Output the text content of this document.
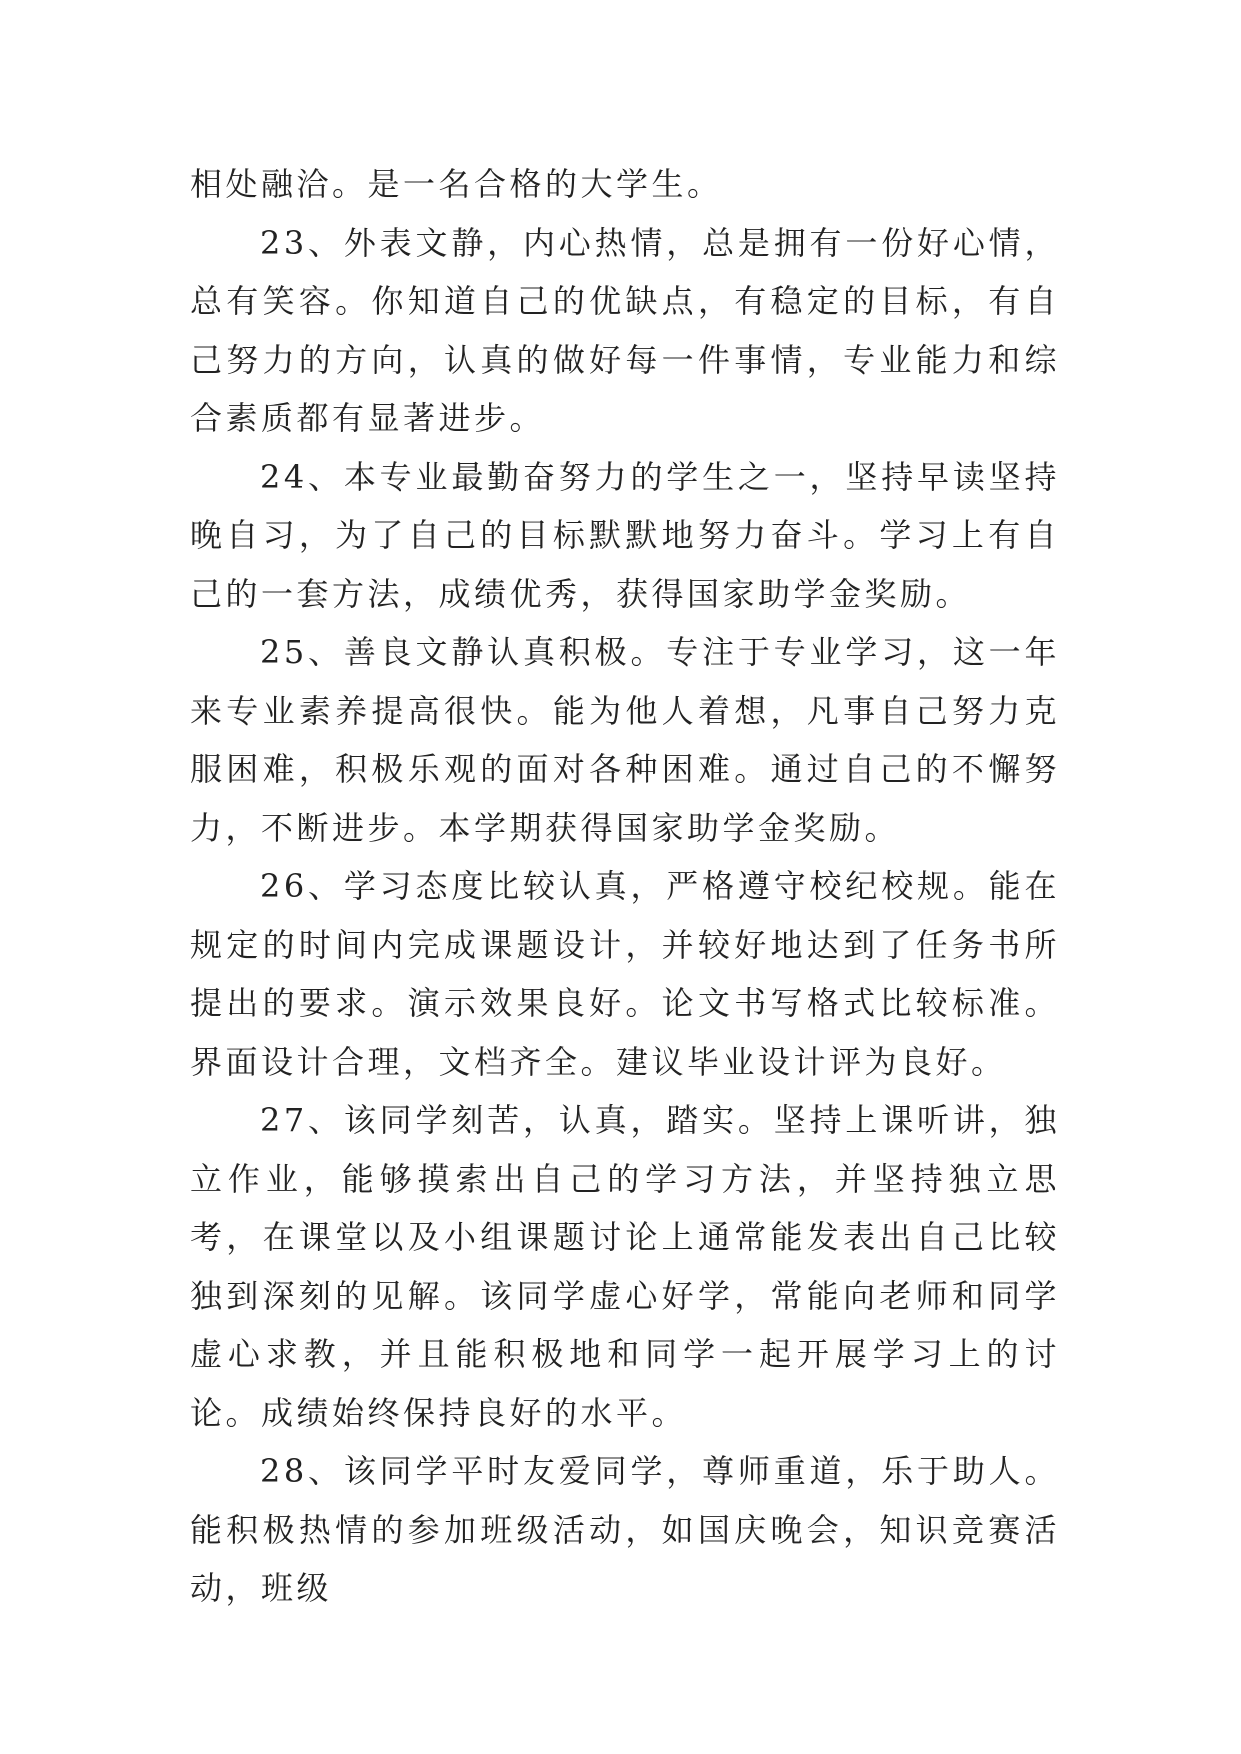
相处融洽。是一名合格的大学生。

23、外表文静，内心热情，总是拥有一份好心情，总有笑容。你知道自己的优缺点，有稳定的目标，有自己努力的方向，认真的做好每一件事情，专业能力和综合素质都有显著进步。

24、本专业最勤奋努力的学生之一，坚持早读坚持晚自习，为了自己的目标默默地努力奋斗。学习上有自己的一套方法，成绩优秀，获得国家助学金奖励。

25、善良文静认真积极。专注于专业学习，这一年来专业素养提高很快。能为他人着想，凡事自己努力克服困难，积极乐观的面对各种困难。通过自己的不懈努力，不断进步。本学期获得国家助学金奖励。

26、学习态度比较认真，严格遵守校纪校规。能在规定的时间内完成课题设计，并较好地达到了任务书所提出的要求。演示效果良好。论文书写格式比较标准。界面设计合理，文档齐全。建议毕业设计评为良好。

27、该同学刻苦，认真，踏实。坚持上课听讲，独立作业，能够摸索出自己的学习方法，并坚持独立思考，在课堂以及小组课题讨论上通常能发表出自己比较独到深刻的见解。该同学虚心好学，常能向老师和同学虚心求教，并且能积极地和同学一起开展学习上的讨论。成绩始终保持良好的水平。

28、该同学平时友爱同学，尊师重道，乐于助人。能积极热情的参加班级活动，如国庆晚会，知识竞赛活动，班级
